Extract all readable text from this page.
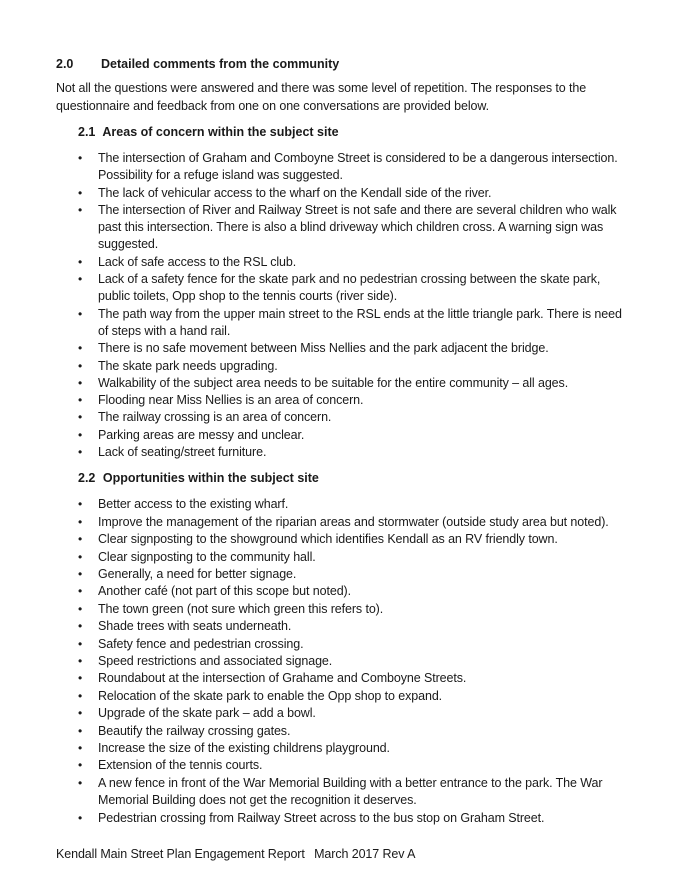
2.0	Detailed comments from the community

Not all the questions were answered and there was some level of repetition. The responses to the questionnaire and feedback from one on one conversations are provided below.

2.1 Areas of concern within the subject site
•	The intersection of Graham and Comboyne Street is considered to be a dangerous intersection. Possibility for a refuge island was suggested.
•	The lack of vehicular access to the wharf on the Kendall side of the river.
•	The intersection of River and Railway Street is not safe and there are several children who walk past this intersection. There is also a blind driveway which children cross. A warning sign was suggested.
•	Lack of safe access to the RSL club.
•	Lack of a safety fence for the skate park and no pedestrian crossing between the skate park, public toilets, Opp shop to the tennis courts (river side).
•	The path way from the upper main street to the RSL ends at the little triangle park. There is need of steps with a hand rail.
•	There is no safe movement between Miss Nellies and the park adjacent the bridge.
•	The skate park needs upgrading.
•	Walkability of the subject area needs to be suitable for the entire community – all ages.
•	Flooding near Miss Nellies is an area of concern.
•	The railway crossing is an area of concern.
•	Parking areas are messy and unclear.
•	Lack of seating/street furniture.
2.2 Opportunities within the subject site
•	Better access to the existing wharf.
•	Improve the management of the riparian areas and stormwater (outside study area but noted).
•	Clear signposting to the showground which identifies Kendall as an RV friendly town.
•	Clear signposting to the community hall.
•	Generally, a need for better signage.
•	Another café (not part of this scope but noted).
•	The town green (not sure which green this refers to).
•	Shade trees with seats underneath.
•	Safety fence and pedestrian crossing.
•	Speed restrictions and associated signage.
•	Roundabout at the intersection of Grahame and Comboyne Streets.
•	Relocation of the skate park to enable the Opp shop to expand.
•	Upgrade of the skate park – add a bowl.
•	Beautify the railway crossing gates.
•	Increase the size of the existing childrens playground.
•	Extension of the tennis courts.
•	A new fence in front of the War Memorial Building with a better entrance to the park. The War Memorial Building does not get the recognition it deserves.
•	Pedestrian crossing from Railway Street across to the bus stop on Graham Street.
Kendall Main Street Plan Engagement Report March 2017 Rev A
